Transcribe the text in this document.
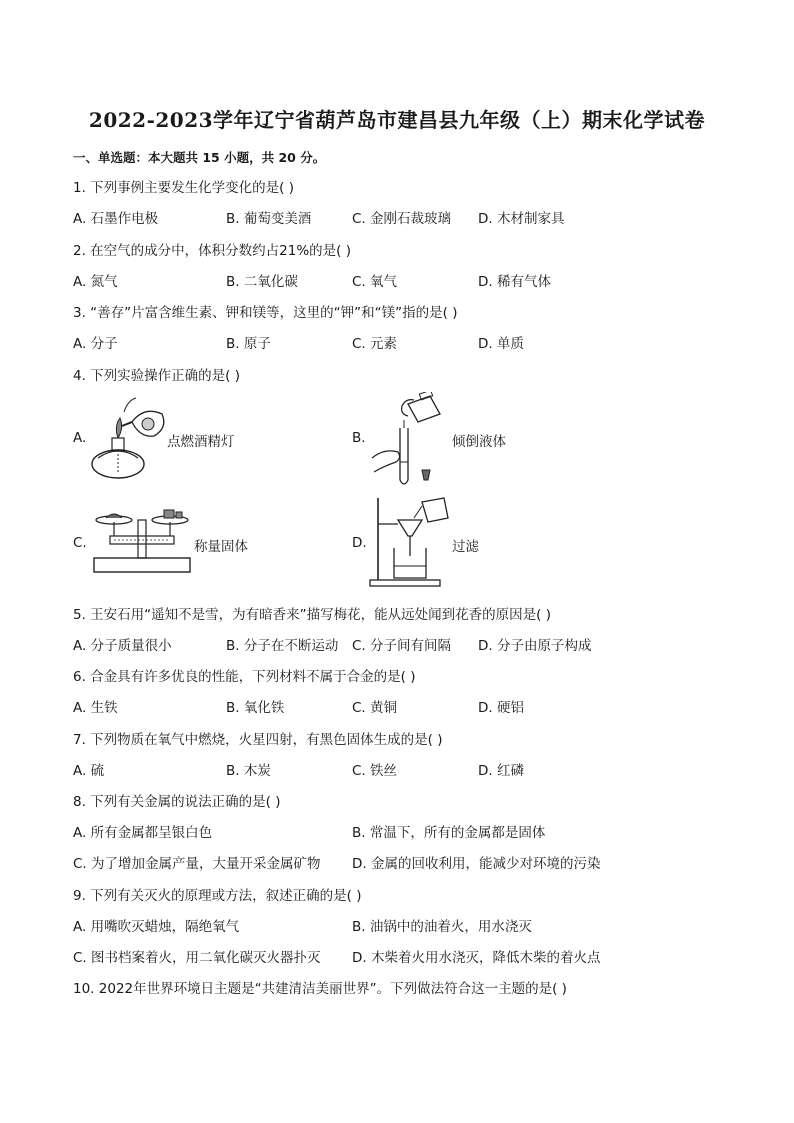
2022-2023学年辽宁省葫芦岛市建昌县九年级（上）期末化学试卷
一、单选题：本大题共 15 小题，共 20 分。
1. 下列事例主要发生化学变化的是( )
A. 石墨作电极	B. 葡萄变美酒	C. 金刚石裁玻璃 D. 木材制家具
2. 在空气的成分中，体积分数约占21%的是( )
A. 氮气	B. 二氧化碳	C. 氧气	D. 稀有气体
3. “善存”片富含维生素、钾和镁等，这里的“钾”和“镁”指的是( )
A. 分子	B. 原子	C. 元素	D. 单质
4. 下列实验操作正确的是( )
A.	点燃酒精灯	B.	倾倒液体
C.	称量固体	D.	过滤
5. 王安石用“遥知不是雪，为有暗香来”描写梅花，能从远处闻到花香的原因是( )
A. 分子质量很小	B. 分子在不断运动 C. 分子间有间隔 D. 分子由原子构成
6. 合金具有许多优良的性能，下列材料不属于合金的是( )
A. 生铁	B. 氧化铁	C. 黄铜	D. 硬铝
7. 下列物质在氧气中燃烧，火星四射，有黑色固体生成的是( )
A. 硫	B. 木炭	C. 铁丝	D. 红磷
8. 下列有关金属的说法正确的是( )
A. 所有金属都呈银白色	B. 常温下，所有的金属都是固体
C. 为了增加金属产量，大量开采金属矿物 D. 金属的回收利用，能减少对环境的污染
9. 下列有关灭火的原理或方法，叙述正确的是( )
A. 用嘴吹灭蜡烛，隔绝氧气	B. 油锅中的油着火，用水浇灭
C. 图书档案着火，用二氧化碳灭火器扑灭 D. 木柴着火用水浇灭，降低木柴的着火点
10. 2022年世界环境日主题是“共建清洁美丽世界”。下列做法符合这一主题的是( )
